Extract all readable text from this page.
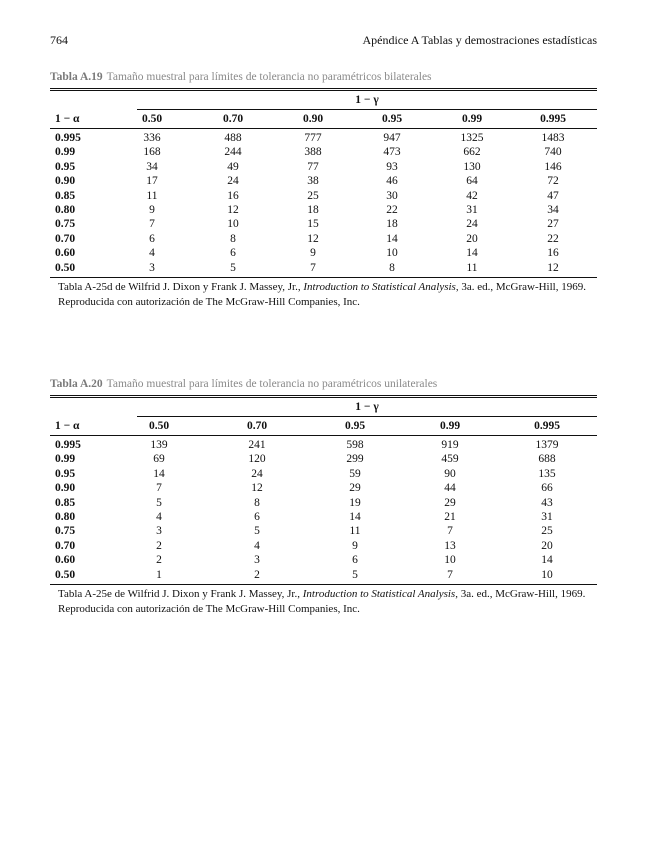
764	Apéndice A Tablas y demostraciones estadísticas
Tabla A.19 Tamaño muestral para límites de tolerancia no paramétricos bilaterales
1 − γ
1 − α	0.50	0.70	0.90	0.95	0.99	0.995
0.995	336	488	777	947	1325	1483
0.99	168	244	388	473	662	740
0.95	34	49	77	93	130	146
0.90	17	24	38	46	64	72
0.85	11	16	25	30	42	47
0.80	9	12	18	22	31	34
0.75	7	10	15	18	24	27
0.70	6	8	12	14	20	22
0.60	4	6	9	10	14	16
0.50	3	5	7	8	11	12
Tabla A-25d de Wilfrid J. Dixon y Frank J. Massey, Jr., Introduction to Statistical Analysis, 3a. ed., McGraw-Hill, 1969. Reproducida con autorización de The McGraw-Hill Companies, Inc.
Tabla A.20 Tamaño muestral para límites de tolerancia no paramétricos unilaterales
1 − γ
1 − α	0.50	0.70	0.95	0.99	0.995
0.995	139	241	598	919	1379
0.99	69	120	299	459	688
0.95	14	24	59	90	135
0.90	7	12	29	44	66
0.85	5	8	19	29	43
0.80	4	6	14	21	31
0.75	3	5	11	7	25
0.70	2	4	9	13	20
0.60	2	3	6	10	14
0.50	1	2	5	7	10
Tabla A-25e de Wilfrid J. Dixon y Frank J. Massey, Jr., Introduction to Statistical Analysis, 3a. ed., McGraw-Hill, 1969. Reproducida con autorización de The McGraw-Hill Companies, Inc.
